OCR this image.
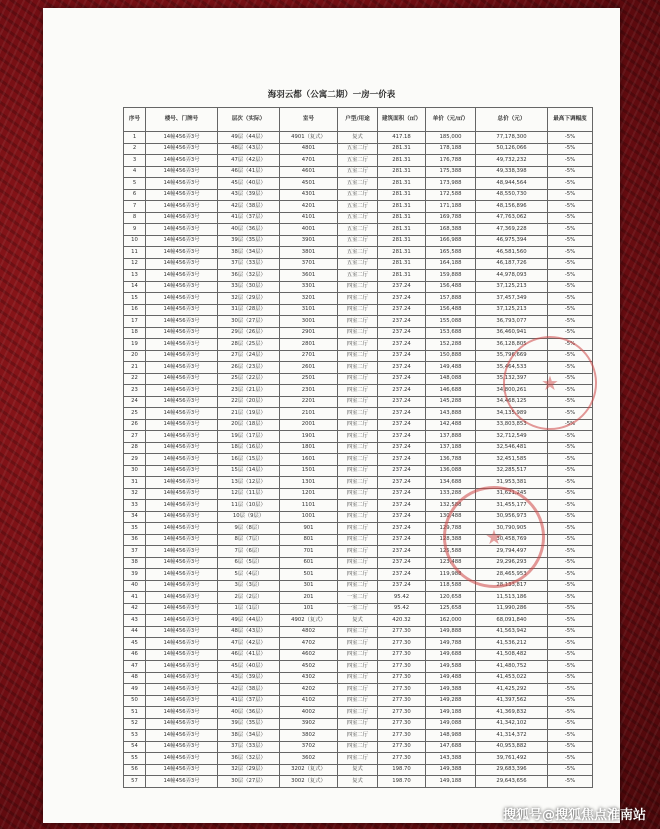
海羽云都（公寓二期）一房一价表
序号	楼号、门牌号	层次（实际）	室号	户型/用途	建筑面积（㎡）	单价（元/㎡）	总价（元）	最高下调幅度
1	14幢456弄3号	49层（44层）	4901（复式）	复式	417.18	185,000	77,178,300	-5%
2	14幢456弄3号	48层（43层）	4801	五室二厅	281.31	178,188	50,126,066	-5%
3	14幢456弄3号	47层（42层）	4701	五室二厅	281.31	176,788	49,732,232	-5%
4	14幢456弄3号	46层（41层）	4601	五室二厅	281.31	175,388	49,338,398	-5%
5	14幢456弄3号	45层（40层）	4501	五室二厅	281.31	173,988	48,944,564	-5%
6	14幢456弄3号	43层（39层）	4301	五室二厅	281.31	172,588	48,550,730	-5%
7	14幢456弄3号	42层（38层）	4201	五室二厅	281.31	171,188	48,156,896	-5%
8	14幢456弄3号	41层（37层）	4101	五室二厅	281.31	169,788	47,763,062	-5%
9	14幢456弄3号	40层（36层）	4001	五室二厅	281.31	168,388	47,369,228	-5%
10	14幢456弄3号	39层（35层）	3901	五室二厅	281.31	166,988	46,975,394	-5%
11	14幢456弄3号	38层（34层）	3801	五室二厅	281.31	165,588	46,581,560	-5%
12	14幢456弄3号	37层（33层）	3701	五室二厅	281.31	164,188	46,187,726	-5%
13	14幢456弄3号	36层（32层）	3601	五室二厅	281.31	159,888	44,978,093	-5%
14	14幢456弄3号	33层（30层）	3301	四室二厅	237.24	156,488	37,125,213	-5%
15	14幢456弄3号	32层（29层）	3201	四室二厅	237.24	157,888	37,457,349	-5%
16	14幢456弄3号	31层（28层）	3101	四室二厅	237.24	156,488	37,125,213	-5%
17	14幢456弄3号	30层（27层）	3001	四室二厅	237.24	155,088	36,793,077	-5%
18	14幢456弄3号	29层（26层）	2901	四室二厅	237.24	153,688	36,460,941	-5%
19	14幢456弄3号	28层（25层）	2801	四室二厅	237.24	152,288	36,128,805	-5%
20	14幢456弄3号	27层（24层）	2701	四室二厅	237.24	150,888	35,796,669	-5%
21	14幢456弄3号	26层（23层）	2601	四室二厅	237.24	149,488	35,464,533	-5%
22	14幢456弄3号	25层（22层）	2501	四室二厅	237.24	148,088	35,132,397	-5%
23	14幢456弄3号	23层（21层）	2301	四室二厅	237.24	146,688	34,800,261	-5%
24	14幢456弄3号	22层（20层）	2201	四室二厅	237.24	145,288	34,468,125	-5%
25	14幢456弄3号	21层（19层）	2101	四室二厅	237.24	143,888	34,135,989	-5%
26	14幢456弄3号	20层（18层）	2001	四室二厅	237.24	142,488	33,803,853	-5%
27	14幢456弄3号	19层（17层）	1901	四室二厅	237.24	137,888	32,712,549	-5%
28	14幢456弄3号	18层（16层）	1801	四室二厅	237.24	137,188	32,546,481	-5%
29	14幢456弄3号	16层（15层）	1601	四室二厅	237.24	136,788	32,451,585	-5%
30	14幢456弄3号	15层（14层）	1501	四室二厅	237.24	136,088	32,285,517	-5%
31	14幢456弄3号	13层（12层）	1301	四室二厅	237.24	134,688	31,953,381	-5%
32	14幢456弄3号	12层（11层）	1201	四室二厅	237.24	133,288	31,621,245	-5%
33	14幢456弄3号	11层（10层）	1101	四室二厅	237.24	132,588	31,455,177	-5%
34	14幢456弄3号	10层（9层）	1001	四室二厅	237.24	130,488	30,956,973	-5%
35	14幢456弄3号	9层（8层）	901	四室二厅	237.24	129,788	30,790,905	-5%
36	14幢456弄3号	8层（7层）	801	四室二厅	237.24	128,388	30,458,769	-5%
37	14幢456弄3号	7层（6层）	701	四室二厅	237.24	125,588	29,794,497	-5%
38	14幢456弄3号	6层（5层）	601	四室二厅	237.24	123,488	29,296,293	-5%
39	14幢456弄3号	5层（4层）	501	四室二厅	237.24	119,988	28,465,953	-5%
40	14幢456弄3号	3层（3层）	301	四室二厅	237.24	118,588	28,133,817	-5%
41	14幢456弄3号	2层（2层）	201	一室二厅	95.42	120,658	11,513,186	-5%
42	14幢456弄3号	1层（1层）	101	一室二厅	95.42	125,658	11,990,286	-5%
43	14幢456弄3号	49层（44层）	4902（复式）	复式	420.32	162,000	68,091,840	-5%
44	14幢456弄3号	48层（43层）	4802	四室二厅	277.30	149,888	41,563,942	-5%
45	14幢456弄3号	47层（42层）	4702	四室二厅	277.30	149,788	41,536,212	-5%
46	14幢456弄3号	46层（41层）	4602	四室二厅	277.30	149,688	41,508,482	-5%
47	14幢456弄3号	45层（40层）	4502	四室二厅	277.30	149,588	41,480,752	-5%
48	14幢456弄3号	43层（39层）	4302	四室二厅	277.30	149,488	41,453,022	-5%
49	14幢456弄3号	42层（38层）	4202	四室二厅	277.30	149,388	41,425,292	-5%
50	14幢456弄3号	41层（37层）	4102	四室二厅	277.30	149,288	41,397,562	-5%
51	14幢456弄3号	40层（36层）	4002	四室二厅	277.30	149,188	41,369,832	-5%
52	14幢456弄3号	39层（35层）	3902	四室二厅	277.30	149,088	41,342,102	-5%
53	14幢456弄3号	38层（34层）	3802	四室二厅	277.30	148,988	41,314,372	-5%
54	14幢456弄3号	37层（33层）	3702	四室二厅	277.30	147,688	40,953,882	-5%
55	14幢456弄3号	36层（32层）	3602	四室二厅	277.30	143,388	39,761,492	-5%
56	14幢456弄3号	32层（29层）	3202（复式）	复式	198.70	149,388	29,683,396	-5%
57	14幢456弄3号	30层（27层）	3002（复式）	复式	198.70	149,188	29,643,656	-5%
★
★
搜狐号@搜狐焦点淮南站
